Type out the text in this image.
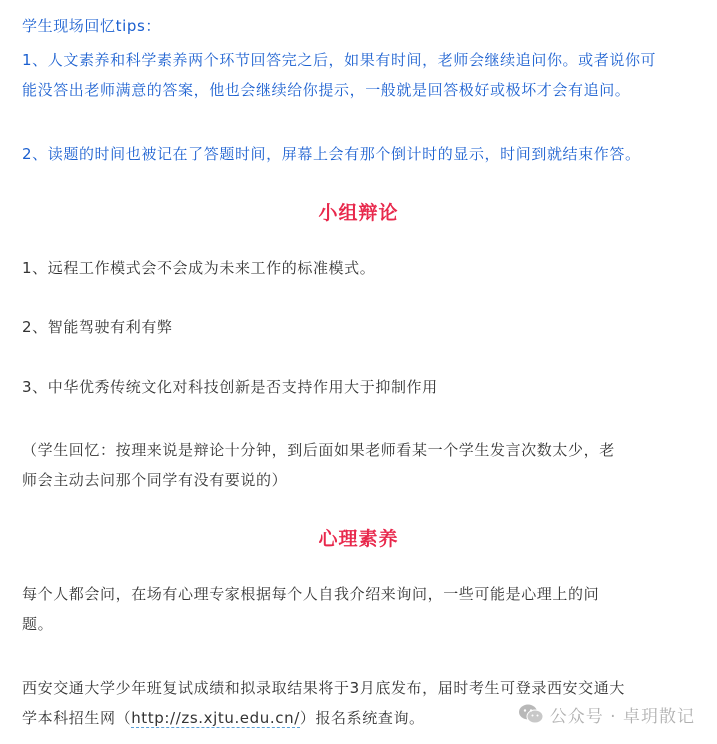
学生现场回忆tips：

1、人文素养和科学素养两个环节回答完之后，如果有时间，老师会继续追问你。或者说你可

能没答出老师满意的答案，他也会继续给你提示，一般就是回答极好或极坏才会有追问。

2、读题的时间也被记在了答题时间，屏幕上会有那个倒计时的显示，时间到就结束作答。

小组辩论

1、远程工作模式会不会成为未来工作的标准模式。

2、智能驾驶有利有弊

3、中华优秀传统文化对科技创新是否支持作用大于抑制作用

（学生回忆：按理来说是辩论十分钟，到后面如果老师看某一个学生发言次数太少，老

师会主动去问那个同学有没有要说的）

心理素养

每个人都会问，在场有心理专家根据每个人自我介绍来询问，一些可能是心理上的问

题。

西安交通大学少年班复试成绩和拟录取结果将于3月底发布，届时考生可登录西安交通大

学本科招生网（http://zs.xjtu.edu.cn/）报名系统查询。	公众号 · 卓玥散记
